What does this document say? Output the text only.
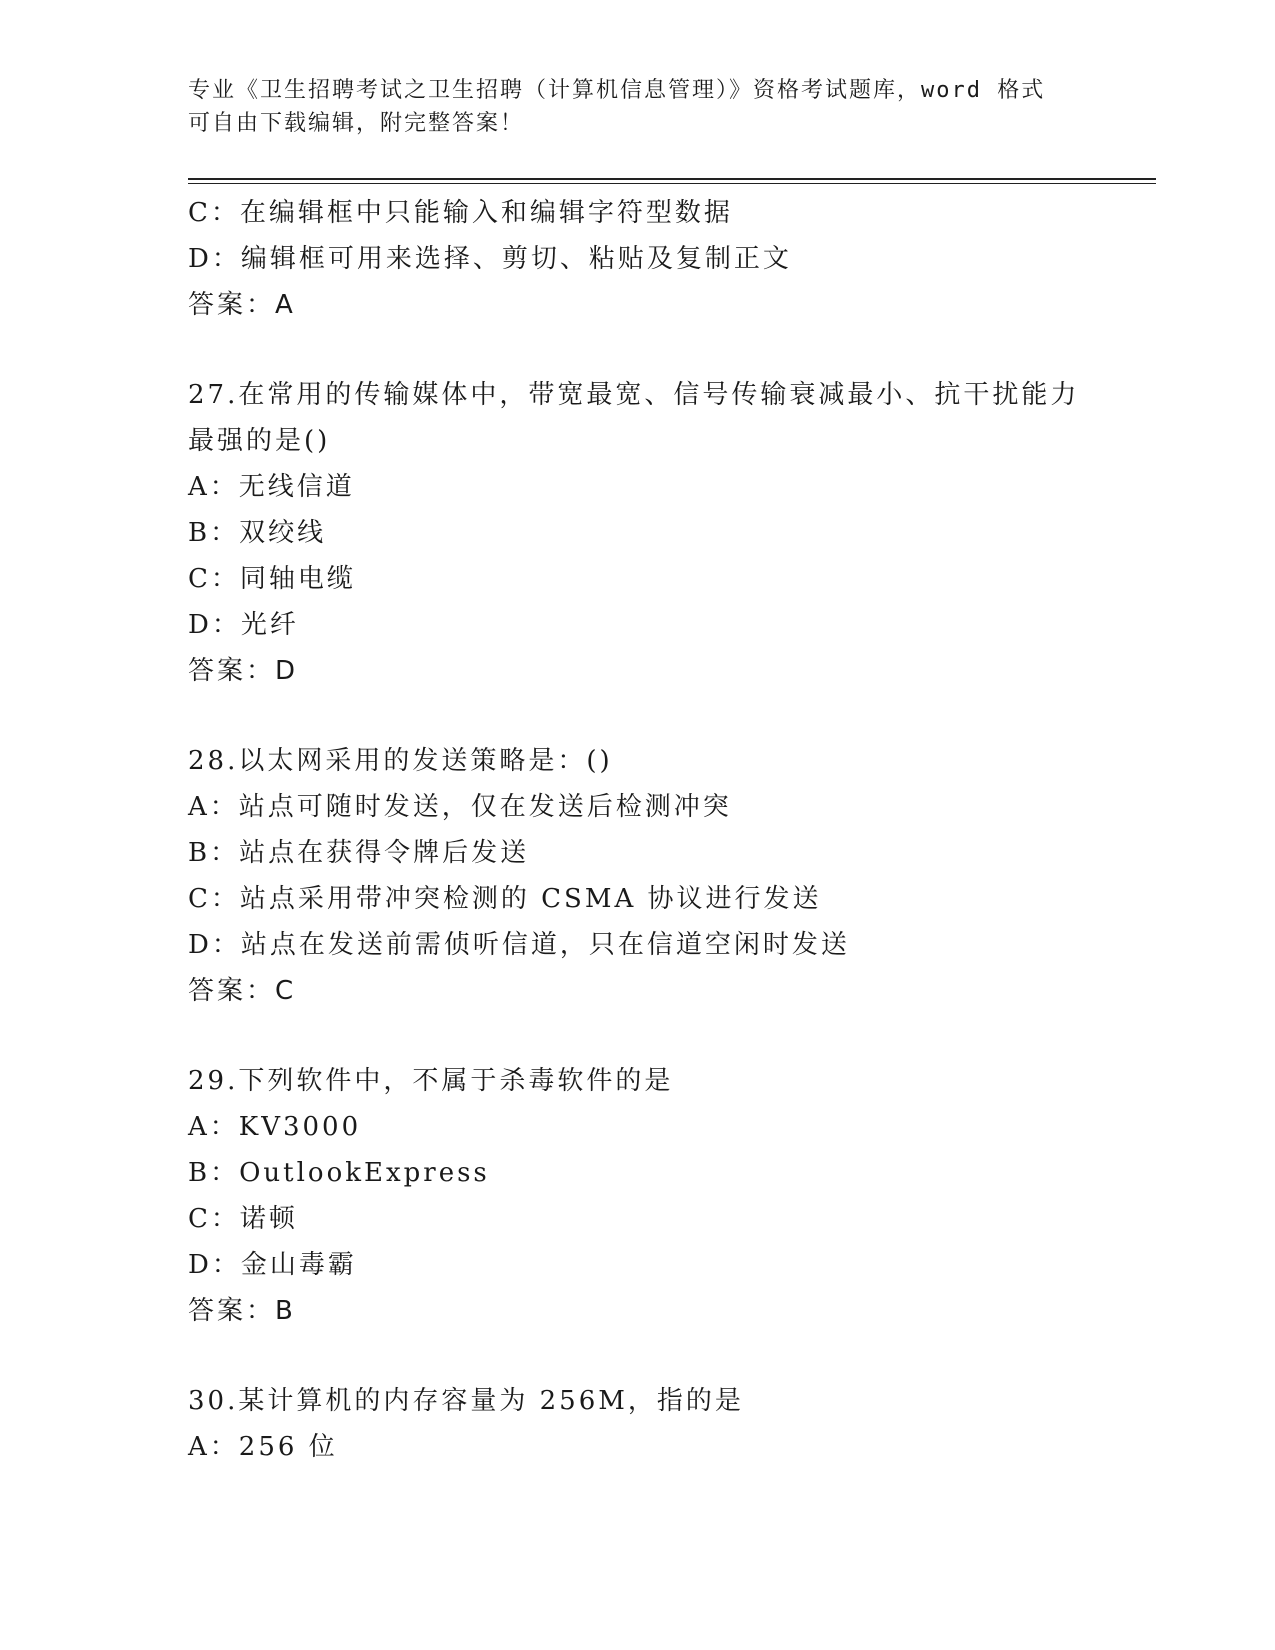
专业《卫生招聘考试之卫生招聘（计算机信息管理）》资格考试题库，word 格式
可自由下载编辑，附完整答案！
C：在编辑框中只能输入和编辑字符型数据
D：编辑框可用来选择、剪切、粘贴及复制正文
答案：A
27.在常用的传输媒体中，带宽最宽、信号传输衰减最小、抗干扰能力
最强的是()
A：无线信道
B：双绞线
C：同轴电缆
D：光纤
答案：D
28.以太网采用的发送策略是：()
A：站点可随时发送，仅在发送后检测冲突
B：站点在获得令牌后发送
C：站点采用带冲突检测的 CSMA 协议进行发送
D：站点在发送前需侦听信道，只在信道空闲时发送
答案：C
29.下列软件中，不属于杀毒软件的是
A：KV3000
B：OutlookExpress
C：诺顿
D：金山毒霸
答案：B
30.某计算机的内存容量为 256M，指的是
A：256 位
